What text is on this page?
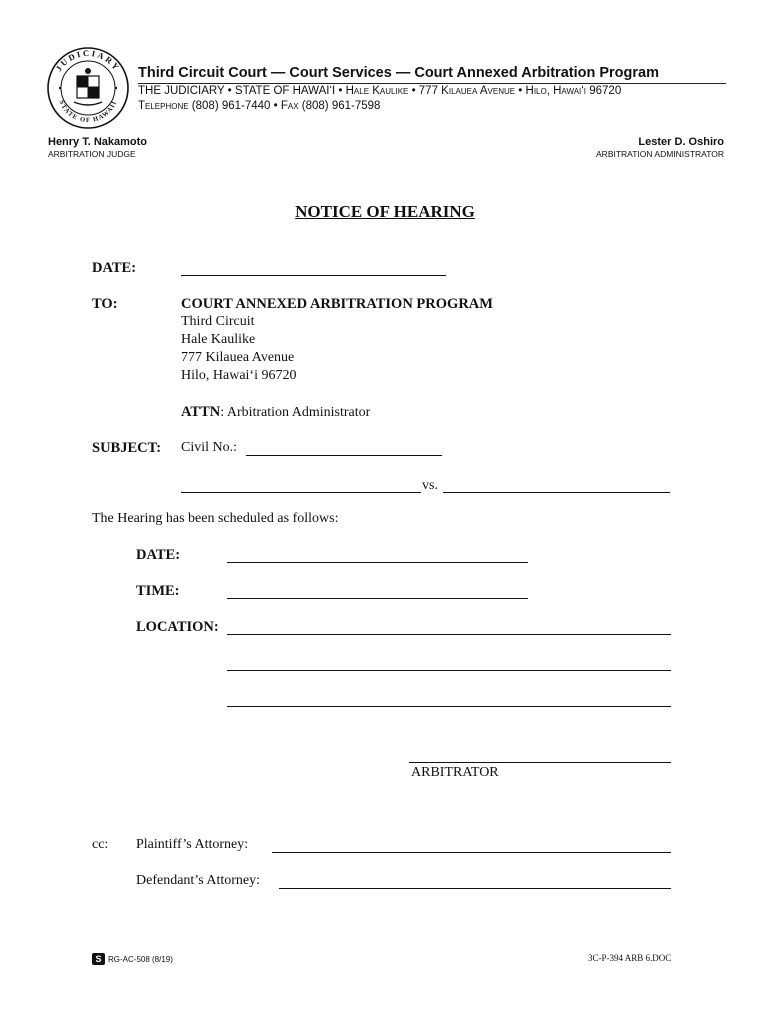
JUDICIARY
STATE OF HAWAII
Third Circuit Court — Court Services — Court Annexed Arbitration Program
THE JUDICIARY • STATE OF HAWAI‘I • Hale Kaulike • 777 Kilauea Avenue • Hilo, Hawai‘i 96720
Telephone (808) 961-7440 • Fax (808) 961-7598
Henry T. Nakamoto
ARBITRATION JUDGE
Lester D. Oshiro
ARBITRATION ADMINISTRATOR
NOTICE OF HEARING
DATE:
TO:	COURT ANNEXED ARBITRATION PROGRAM
Third Circuit
Hale Kaulike
777 Kilauea Avenue
Hilo, Hawaiʻi 96720
ATTN: Arbitration Administrator
SUBJECT: Civil No.:
vs.
The Hearing has been scheduled as follows:
DATE:
TIME:
LOCATION:
ARBITRATOR
cc: Plaintiff’s Attorney:
Defendant’s Attorney:
S RG-AC-508 (8/19)	3C-P-394 ARB 6.DOC
